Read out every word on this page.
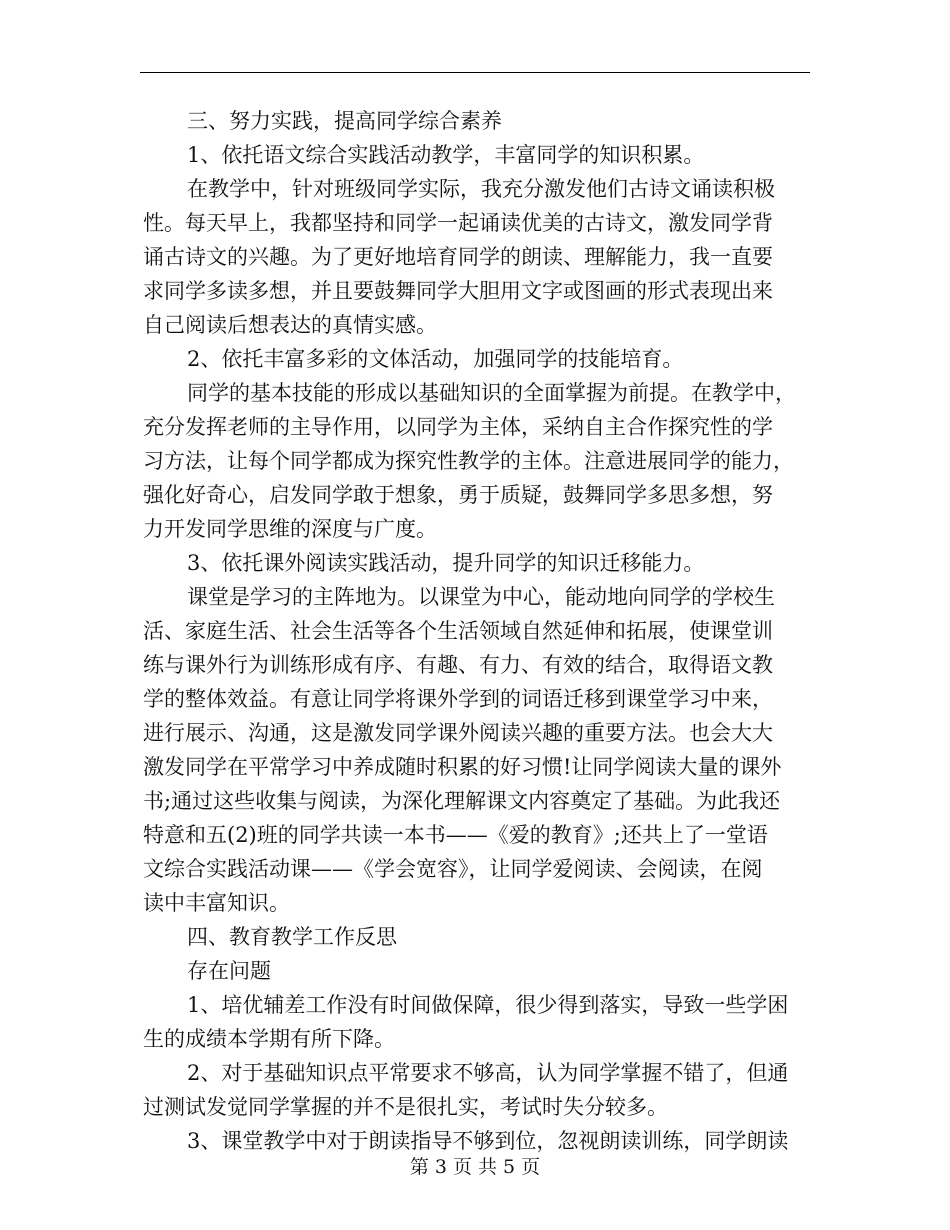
三、努力实践，提高同学综合素养

1、依托语文综合实践活动教学，丰富同学的知识积累。

在教学中，针对班级同学实际，我充分激发他们古诗文诵读积极
性。每天早上，我都坚持和同学一起诵读优美的古诗文，激发同学背
诵古诗文的兴趣。为了更好地培育同学的朗读、理解能力，我一直要
求同学多读多想，并且要鼓舞同学大胆用文字或图画的形式表现出来
自己阅读后想表达的真情实感。

2、依托丰富多彩的文体活动，加强同学的技能培育。

同学的基本技能的形成以基础知识的全面掌握为前提。在教学中，
充分发挥老师的主导作用，以同学为主体，采纳自主合作探究性的学
习方法，让每个同学都成为探究性教学的主体。注意进展同学的能力，
强化好奇心，启发同学敢于想象，勇于质疑，鼓舞同学多思多想，努
力开发同学思维的深度与广度。

3、依托课外阅读实践活动，提升同学的知识迁移能力。

课堂是学习的主阵地为。以课堂为中心，能动地向同学的学校生
活、家庭生活、社会生活等各个生活领域自然延伸和拓展，使课堂训
练与课外行为训练形成有序、有趣、有力、有效的结合，取得语文教
学的整体效益。有意让同学将课外学到的词语迁移到课堂学习中来，
进行展示、沟通，这是激发同学课外阅读兴趣的重要方法。也会大大
激发同学在平常学习中养成随时积累的好习惯!让同学阅读大量的课外
书;通过这些收集与阅读，为深化理解课文内容奠定了基础。为此我还
特意和五(2)班的同学共读一本书——《爱的教育》;还共上了一堂语
文综合实践活动课——《学会宽容》，让同学爱阅读、会阅读，在阅
读中丰富知识。

四、教育教学工作反思

存在问题

1、培优辅差工作没有时间做保障，很少得到落实，导致一些学困
生的成绩本学期有所下降。

2、对于基础知识点平常要求不够高，认为同学掌握不错了，但通
过测试发觉同学掌握的并不是很扎实，考试时失分较多。

3、课堂教学中对于朗读指导不够到位，忽视朗读训练，同学朗读

第 3 页 共 5 页
